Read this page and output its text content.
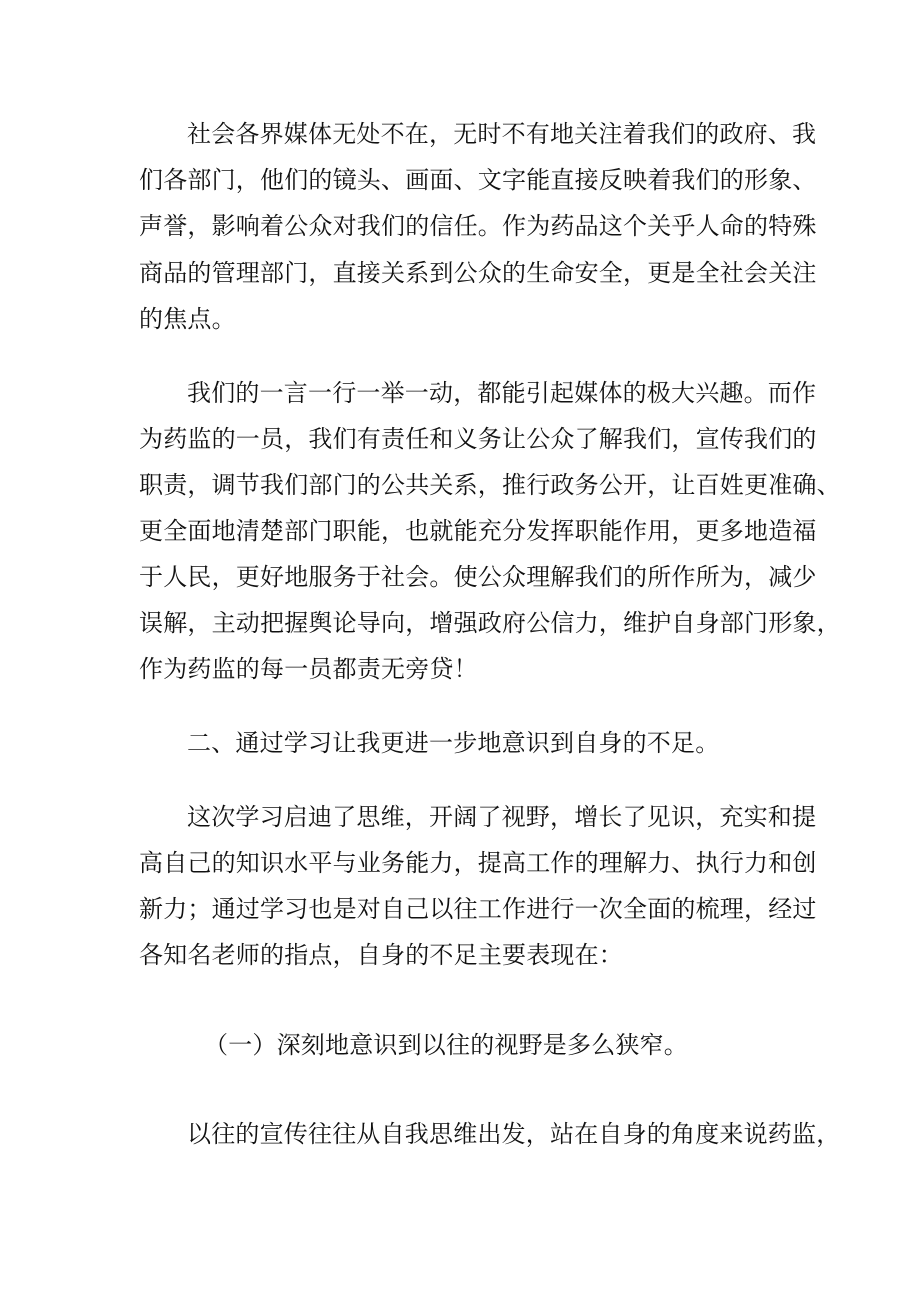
社会各界媒体无处不在，无时不有地关注着我们的政府、我
们各部门，他们的镜头、画面、文字能直接反映着我们的形象、
声誉，影响着公众对我们的信任。作为药品这个关乎人命的特殊
商品的管理部门，直接关系到公众的生命安全，更是全社会关注
的焦点。
我们的一言一行一举一动，都能引起媒体的极大兴趣。而作
为药监的一员，我们有责任和义务让公众了解我们，宣传我们的
职责，调节我们部门的公共关系，推行政务公开，让百姓更准确、
更全面地清楚部门职能，也就能充分发挥职能作用，更多地造福
于人民，更好地服务于社会。使公众理解我们的所作所为，减少
误解，主动把握舆论导向，增强政府公信力，维护自身部门形象，
作为药监的每一员都责无旁贷！
二、通过学习让我更进一步地意识到自身的不足。
这次学习启迪了思维，开阔了视野，增长了见识，充实和提
高自己的知识水平与业务能力，提高工作的理解力、执行力和创
新力；通过学习也是对自己以往工作进行一次全面的梳理，经过
各知名老师的指点，自身的不足主要表现在：
（一）深刻地意识到以往的视野是多么狭窄。
以往的宣传往往从自我思维出发，站在自身的角度来说药监，
